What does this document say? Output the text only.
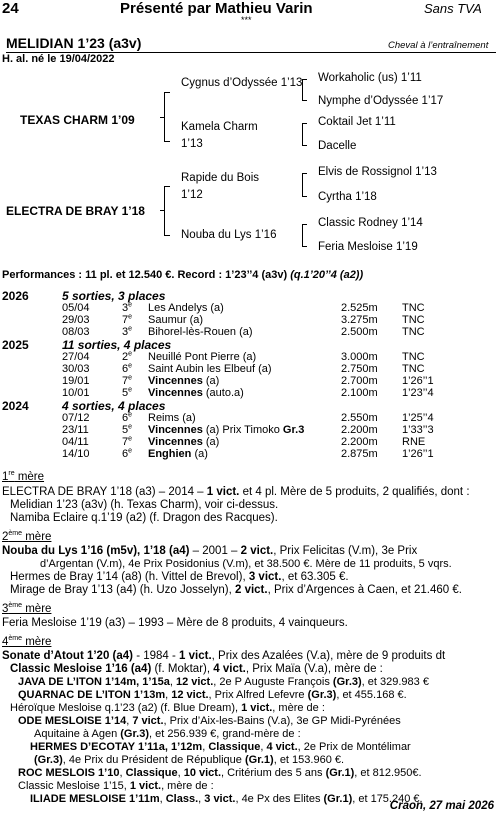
24	Présenté par Mathieu Varin	Sans TVA
***
MELIDIAN 1’23 (a3v)	Cheval à l’entraînement
H. al. né le 19/04/2022
TEXAS CHARM 1’09
ELECTRA DE BRAY 1’18
Cygnus d’Odyssée 1’13
Kamela Charm 1’13
Rapide du Bois 1’12
Nouba du Lys 1’16
Workaholic (us) 1’11
Nymphe d’Odyssée 1’17
Coktail Jet 1’11
Dacelle
Elvis de Rossignol 1’13
Cyrtha 1’18
Classic Rodney 1’14
Feria Mesloise 1’19
Performances : 11 pl. et 12.540 €. Record : 1’23’’4 (a3v) (q.1’20’’4 (a2))
2026	5 sorties, 3 places
05/04	3e Les Andelys (a)	2.525m TNC
29/03	7e Saumur (a)	3.275m TNC
08/03	3e Bihorel-lès-Rouen (a)	2.500m TNC
2025	11 sorties, 4 places
27/04	2e Neuillé Pont Pierre (a)	3.000m TNC
30/03	6e Saint Aubin les Elbeuf (a)	2.750m TNC
19/01	7e Vincennes (a)	2.700m 1’26’’1
10/01	5e Vincennes (auto.a)	2.100m 1’23’’4
2024	4 sorties, 4 places
07/12	6e Reims (a)	2.550m 1’25’’4
23/11	5e Vincennes (a) Prix Timoko Gr.3	2.200m 1’33’’3
04/11	7e Vincennes (a)	2.200m RNE
14/10	6e Enghien (a)	2.875m 1’26’’1
1re mère
ELECTRA DE BRAY 1’18 (a3) – 2014 – 1 vict. et 4 pl. Mère de 5 produits, 2 qualifiés, dont :
Melidian 1’23 (a3v) (h. Texas Charm), voir ci-dessus.
Namiba Eclaire q.1’19 (a2) (f. Dragon des Racques).
2ème mère
Nouba du Lys 1’16 (m5v), 1’18 (a4) – 2001 – 2 vict., Prix Felicitas (V.m), 3e Prix
d’Argentan (V.m), 4e Prix Posidonius (V.m), et 38.500 €. Mère de 11 produits, 5 vqrs.
Hermes de Bray 1’14 (a8) (h. Vittel de Brevol), 3 vict., et 63.305 €.
Mirage de Bray 1’13 (a4) (h. Uzo Josselyn), 2 vict., Prix d’Argences à Caen, et 21.460 €.
3ème mère
Feria Mesloise 1’19 (a3) – 1993 – Mère de 8 produits, 4 vainqueurs.
4ème mère
Sonate d’Atout 1’20 (a4) - 1984 - 1 vict., Prix des Azalées (V.a), mère de 9 produits dt
Classic Mesloise 1’16 (a4) (f. Moktar), 4 vict., Prix Maïa (V.a), mère de :
JAVA DE L’ITON 1’14m, 1’15a, 12 vict., 2e P Auguste François (Gr.3), et 329.983 €
QUARNAC DE L’ITON 1’13m, 12 vict., Prix Alfred Lefevre (Gr.3), et 455.168 €.
Héroïque Mesloise q.1’23 (a2) (f. Blue Dream), 1 vict., mère de :
ODE MESLOISE 1’14, 7 vict., Prix d’Aix-les-Bains (V.a), 3e GP Midi-Pyrénées
Aquitaine à Agen (Gr.3), et 256.939 €, grand-mère de :
HERMES D’ECOTAY 1’11a, 1’12m, Classique, 4 vict., 2e Prix de Montélimar
(Gr.3), 4e Prix du Président de République (Gr.1), et 153.960 €.
ROC MESLOIS 1’10, Classique, 10 vict., Critérium des 5 ans (Gr.1), et 812.950€.
Classic Mesloise 1’15, 1 vict., mère de :
ILIADE MESLOISE 1’11m, Class., 3 vict., 4e Px des Elites (Gr.1), et 175.240 €.
Craon, 27 mai 2026
